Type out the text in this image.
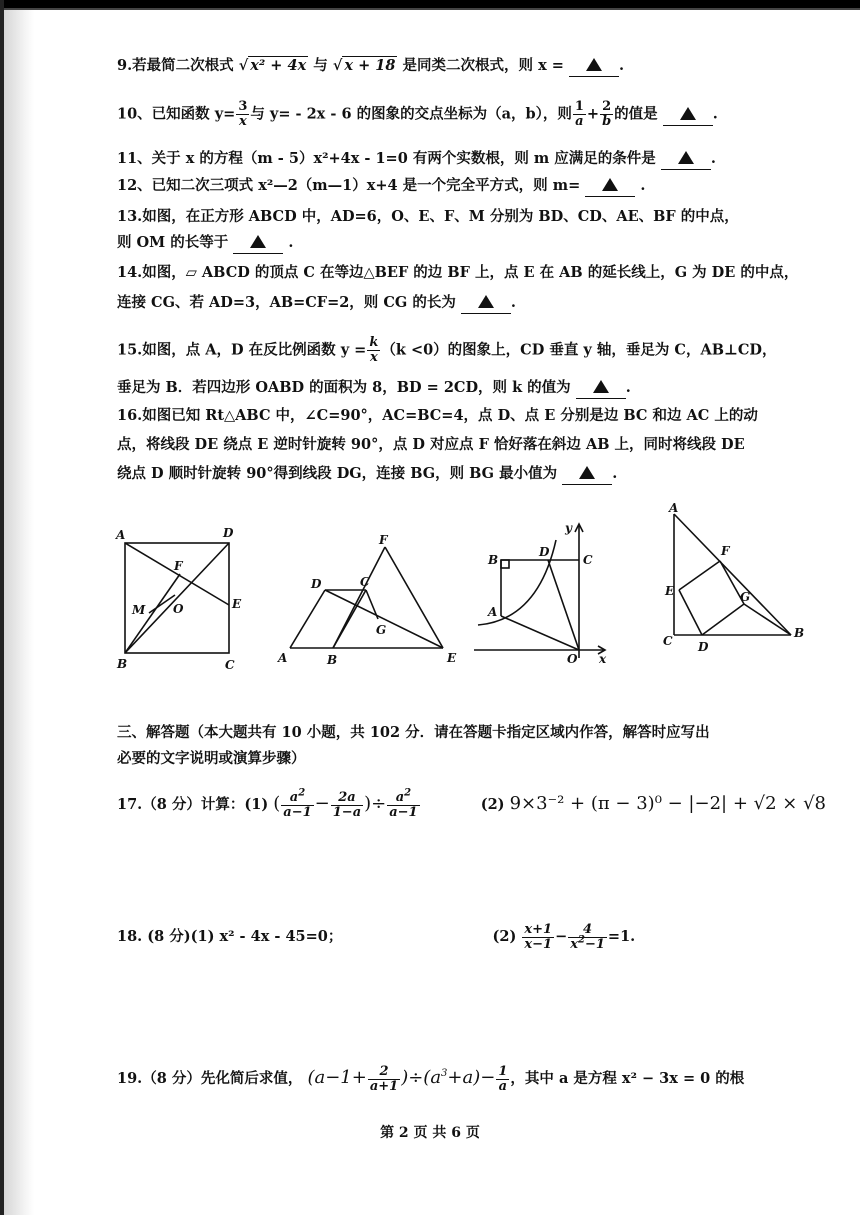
9.若最简二次根式 √ x² + 4x 与 √ x + 18 是同类二次根式，则 x =	.
10、已知函数 $y= \frac{3}{x}$ 与 y= - 2x - 6 的图象的交点坐标为（a，b），则 $\frac{1}{a} + \frac{2}{b}$ 的值是	.
11、关于 x 的方程（m - 5）x²+4x - 1=0 有两个实数根，则 m 应满足的条件是	.
12、已知二次三项式 x²—2（m—1）x+4 是一个完全平方式，则 m=	.
13.如图，在正方形 ABCD 中，AD=6，O、E、F、M 分别为 BD、CD、AE、BF 的中点，
则 OM 的长等于	.
14.如图，▱ ABCD 的顶点 C 在等边△BEF 的边 BF 上，点 E 在 AB 的延长线上，G 为 DE 的中点，
连接 CG、若 AD=3，AB=CF=2，则 CG 的长为	.
15.如图，点 A，D 在反比例函数 $y = \frac{k}{x} (k <0)$的图象上，CD 垂直 y 轴，垂足为 C，AB⊥CD，
垂足为 B．若四边形 OABD 的面积为 8，BD = 2CD，则 k 的值为	.
16.如图已知 Rt△ABC 中，∠C=90°，AC=BC=4，点 D、点 E 分别是边 BC 和边 AC 上的动
点，将线段 DE 绕点 E 逆时针旋转 90°，点 D 对应点 F 恰好落在斜边 AB 上，同时将线段 DE
绕点 D 顺时针旋转 90°得到线段 DG，连接 BG，则 BG 最小值为	.
A	D
B	C
E
F
M O
F
D	C
G
A	B	E
y
B
D
C
A
O x
A
F
E	G
C D
B
三、解答题（本大题共有 10 小题，共 102 分．请在答题卡指定区域内作答，解答时应写出
必要的文字说明或演算步骤）
17.（8 分）计算：(1) ( $\frac{a^2}{a-1} - \frac{2a}{1-a}$ )÷ $\frac{a^2}{a-1}$	(2) 9×3⁻² + (π − 3)⁰ − |−2| + √2 × √8
18. (8 分)(1) x² - 4x - 45=0；	$(2) \frac{x+1}{x-1} - \frac{4}{x^2-1} =1$.
19.（8 分）先化简后求值， $(a-1+ \frac{2}{a+1} )\div(a^3+a)- \frac{1}{a}$ ，其中 a 是方程 x² − 3x = 0 的根
第 2 页 共 6 页
